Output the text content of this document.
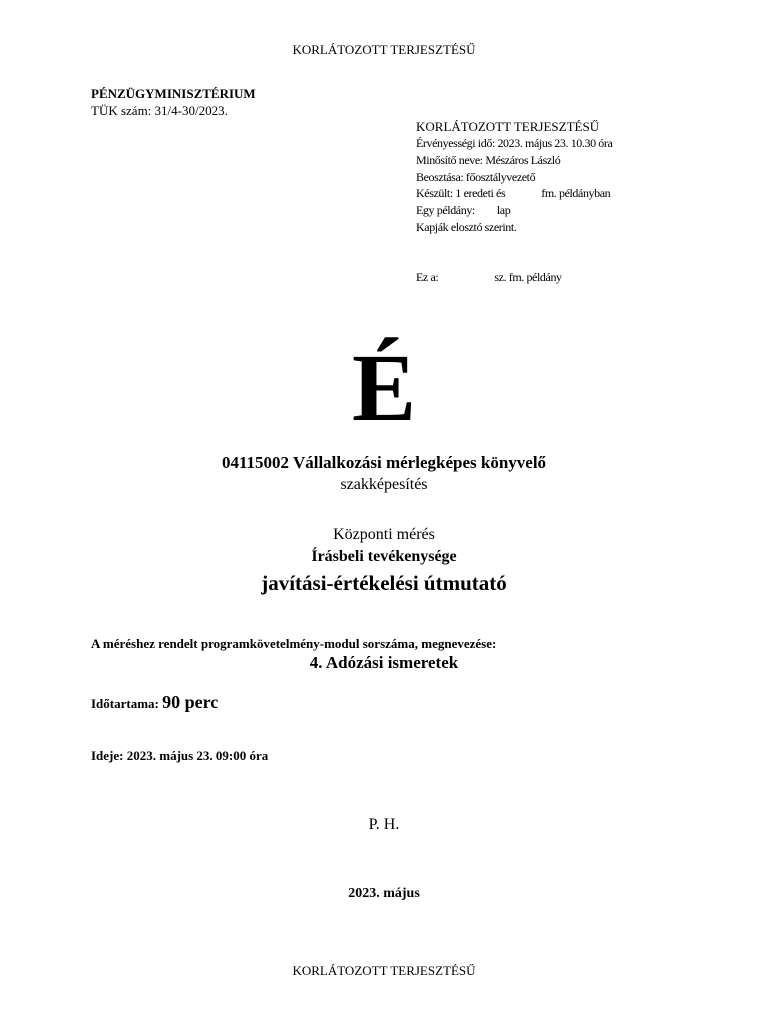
KORLÁTOZOTT TERJESZTÉSŰ
PÉNZÜGYMINISZTÉRIUM
TÜK szám: 31/4-30/2023.
KORLÁTOZOTT TERJESZTÉSŰ
Érvényességi idő: 2023. május 23. 10.30 óra
Minősítő neve: Mészáros László
Beosztása: főosztályvezető
Készült: 1 eredeti és	fm. példányban
Egy példány: lap
Kapják elosztó szerint.
Ez a:	sz. fm. példány
É
04115002 Vállalkozási mérlegképes könyvelő
szakképesítés
Központi mérés
Írásbeli tevékenysége
javítási-értékelési útmutató
A méréshez rendelt programkövetelmény-modul sorszáma, megnevezése:
4. Adózási ismeretek
Időtartama: 90 perc
Ideje: 2023. május 23. 09:00 óra
P. H.
2023. május
KORLÁTOZOTT TERJESZTÉSŰ
